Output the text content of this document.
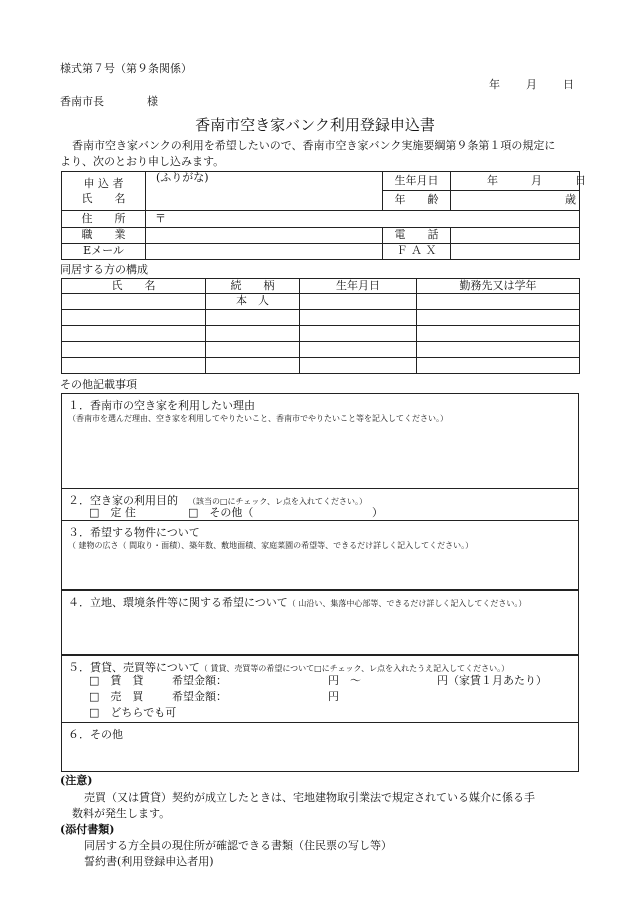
様式第７号（第９条関係）
年 月 日
香南市長	様
香南市空き家バンク利用登録申込書
香南市空き家バンクの利用を希望したいので、香南市空き家バンク実施要綱第９条第１項の規定に
より、次のとおり申し込みます。
申 込 者
氏　　名	(ふりがな)	生年月日	年 月 日
		年　　齢	歳
住　　所	〒		
職　　業		電　　話	
Eメール		Ｆ Ａ Ｘ	
同居する方の構成
氏　　名	続　　柄	生年月日	勤務先又は学年
	本　人		

その他記載事項
１．香南市の空き家を利用したい理由
（香南市を選んだ理由、空き家を利用してやりたいこと、香南市でやりたいこと等を記入してください。）
２．空き家の利用目的 （該当の□にチェック、レ点を入れてください。）
□　定 住	□　その他（	）
３．希望する物件について
（ 建物の広さ（ 間取り・面積）、築年数、敷地面積、家庭菜園の希望等、できるだけ詳しく記入してください。）
４．立地、環境条件等に関する希望について（ 山沿い、集落中心部等、できるだけ詳しく記入してください。）
５．賃貸、売買等について（ 賃貸、売買等の希望について□にチェック、レ点を入れたうえ記入してください。）
□　賃　貸	希望金額：	円　～	円（家賃１月あたり）
□　売　買	希望金額：	円
□　どちらでも可
６．その他
(注意)
売買（又は賃貸）契約が成立したときは、宅地建物取引業法で規定されている媒介に係る手
数料が発生します。
(添付書類)
同居する方全員の現住所が確認できる書類（住民票の写し等）
誓約書(利用登録申込者用)
